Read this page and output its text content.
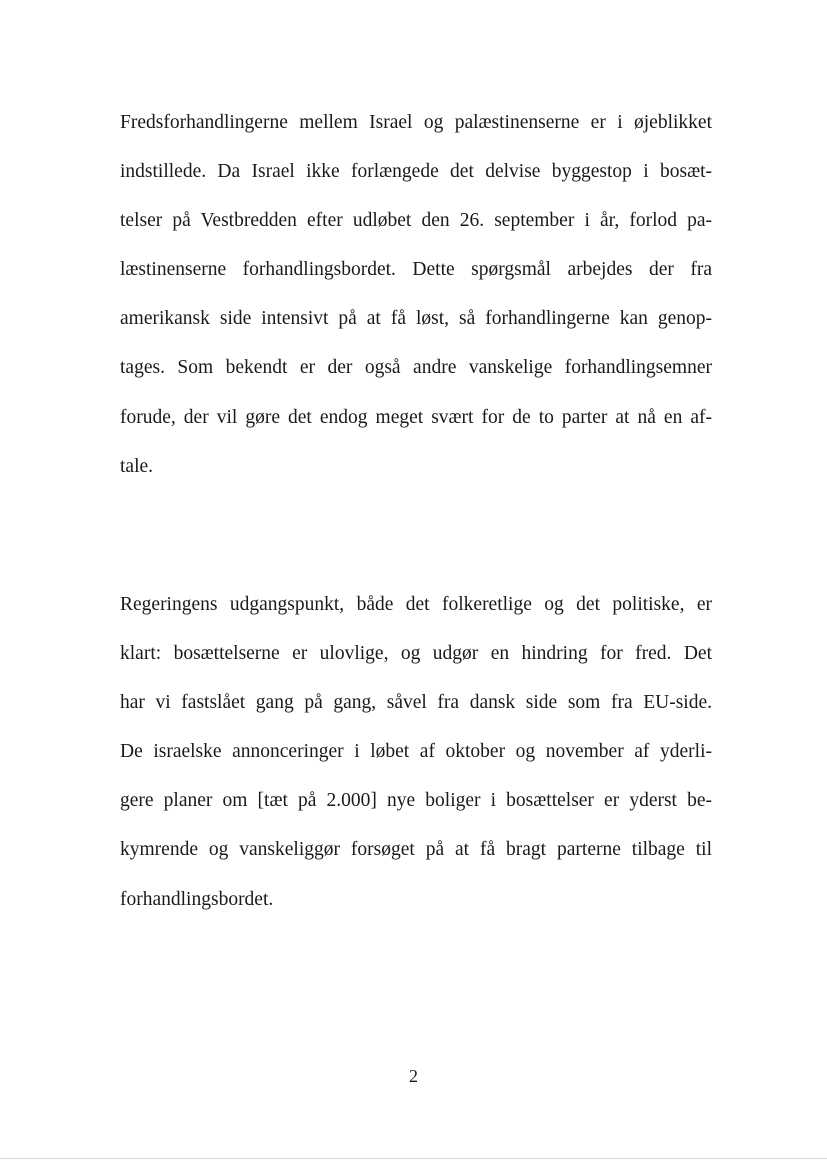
Fredsforhandlingerne mellem Israel og palæstinenserne er i øjeblikket
indstillede. Da Israel ikke forlængede det delvise byggestop i bosæt-
telser på Vestbredden efter udløbet den 26. september i år, forlod pa-
læstinenserne forhandlingsbordet. Dette spørgsmål arbejdes der fra
amerikansk side intensivt på at få løst, så forhandlingerne kan genop-
tages. Som bekendt er der også andre vanskelige forhandlingsemner
forude, der vil gøre det endog meget svært for de to parter at nå en af-
tale.
Regeringens udgangspunkt, både det folkeretlige og det politiske, er
klart: bosættelserne er ulovlige, og udgør en hindring for fred. Det
har vi fastslået gang på gang, såvel fra dansk side som fra EU-side.
De israelske annonceringer i løbet af oktober og november af yderli-
gere planer om [tæt på 2.000] nye boliger i bosættelser er yderst be-
kymrende og vanskeliggør forsøget på at få bragt parterne tilbage til
forhandlingsbordet.
2
